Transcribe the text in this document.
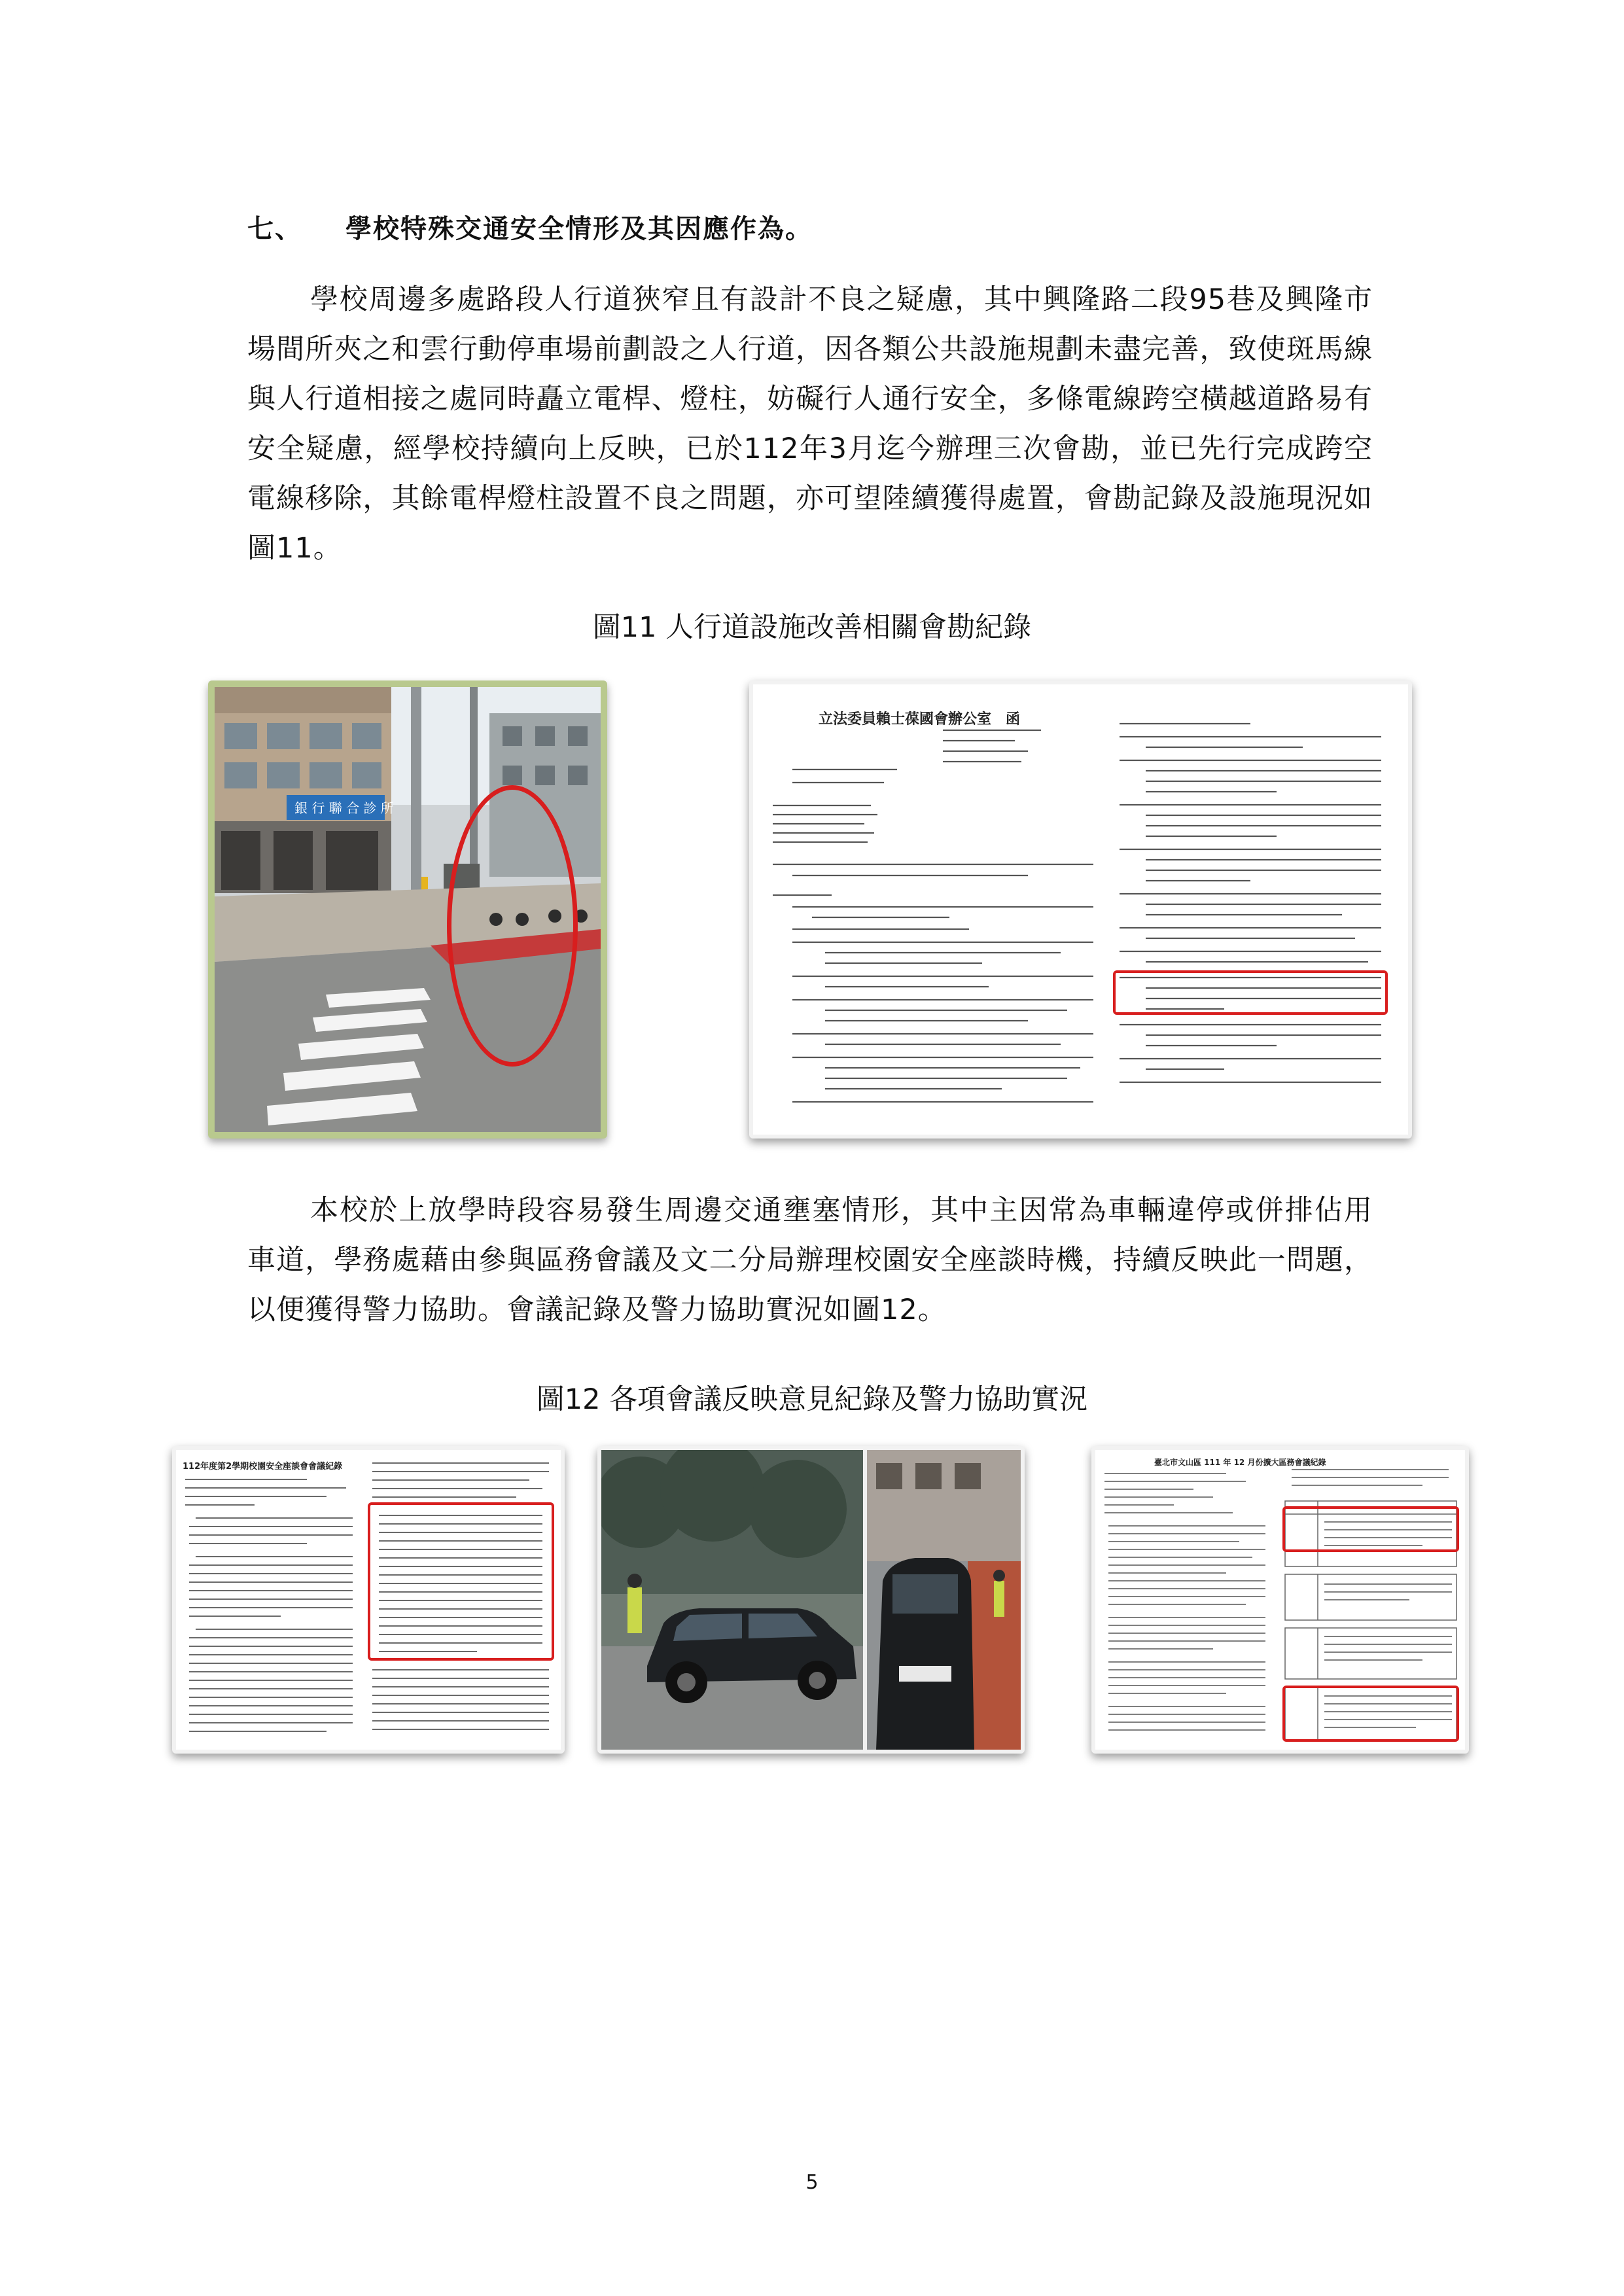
七、 學校特殊交通安全情形及其因應作為。

學校周邊多處路段人行道狹窄且有設計不良之疑慮，其中興隆路二段95巷及興隆市場間所夾之和雲行動停車場前劃設之人行道，因各類公共設施規劃未盡完善，致使斑馬線與人行道相接之處同時矗立電桿、燈柱，妨礙行人通行安全，多條電線跨空橫越道路易有安全疑慮，經學校持續向上反映，已於112年3月迄今辦理三次會勘，並已先行完成跨空電線移除，其餘電桿燈柱設置不良之問題，亦可望陸續獲得處置，會勘記錄及設施現況如圖11。

圖11 人行道設施改善相關會勘紀錄
銀 行 聯 合 診 所
立法委員賴士葆國會辦公室　函

本校於上放學時段容易發生周邊交通壅塞情形，其中主因常為車輛違停或併排佔用車道，學務處藉由參與區務會議及文二分局辦理校園安全座談時機，持續反映此一問題，以便獲得警力協助。會議記錄及警力協助實況如圖12。

圖12 各項會議反映意見紀錄及警力協助實況
112年度第2學期校園安全座談會會議紀錄	臺北市文山區 111 年 12 月份擴大區務會議紀錄
5
